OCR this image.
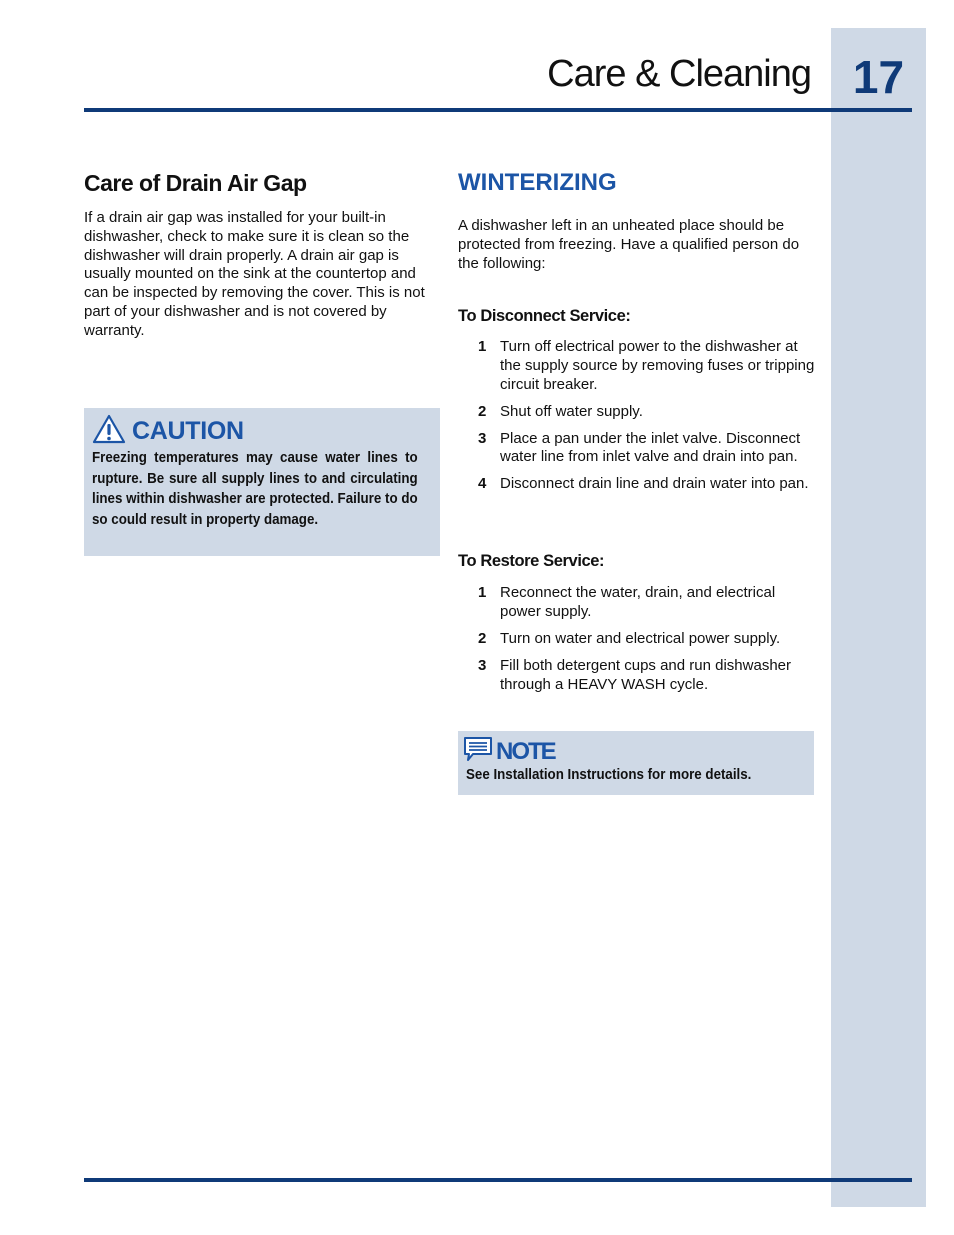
17
Care & Cleaning
Care of Drain Air Gap
If a drain air gap was installed for your built-in dishwasher, check to make sure it is clean so the dishwasher will drain properly. A drain air gap is usually mounted on the sink at the countertop and can be inspected by removing the cover. This is not part of your dishwasher and is not covered by warranty.
CAUTION
Freezing temperatures may cause water lines to rupture. Be sure all supply lines to and circulating lines within dishwasher are protected. Failure to do so could result in property damage.
WINTERIZING
A dishwasher left in an unheated place should be protected from freezing. Have a qualified person do the following:
To Disconnect Service:
1 Turn off electrical power to the dishwasher at the supply source by removing fuses or tripping circuit breaker.
2 Shut off water supply.
3 Place a pan under the inlet valve. Disconnect water line from inlet valve and drain into pan.
4 Disconnect drain line and drain water into pan.
To Restore Service:
1 Reconnect the water, drain, and electrical power supply.
2 Turn on water and electrical power supply.
3 Fill both detergent cups and run dishwasher through a HEAVY WASH cycle.
NOTE
See Installation Instructions for more details.
